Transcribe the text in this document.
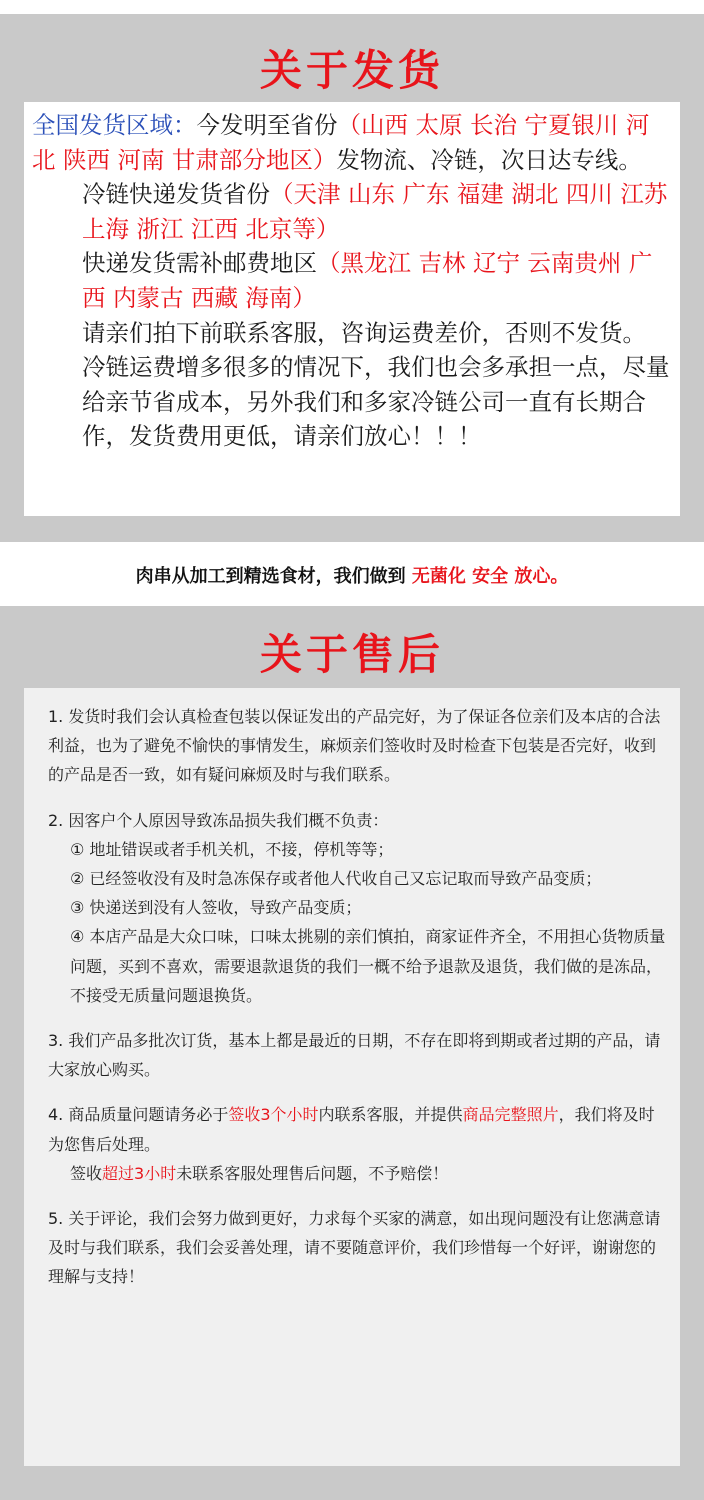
关于发货

全国发货区域：今发明至省份（山西 太原 长治 宁夏银川 河北 陕西 河南 甘肃部分地区）发物流、冷链，次日达专线。

冷链快递发货省份（天津 山东 广东 福建 湖北 四川 江苏 上海 浙江 江西 北京等）

快递发货需补邮费地区（黑龙江 吉林 辽宁 云南贵州 广西 内蒙古 西藏 海南）

请亲们拍下前联系客服，咨询运费差价，否则不发货。

冷链运费增多很多的情况下，我们也会多承担一点，尽量给亲节省成本，另外我们和多家冷链公司一直有长期合作，发货费用更低，请亲们放心！！！

肉串从加工到精选食材，我们做到 无菌化 安全 放心。
关于售后
1. 发货时我们会认真检查包装以保证发出的产品完好，为了保证各位亲们及本店的合法利益，也为了避免不愉快的事情发生，麻烦亲们签收时及时检查下包装是否完好，收到的产品是否一致，如有疑问麻烦及时与我们联系。
2. 因客户个人原因导致冻品损失我们概不负责：
① 地址错误或者手机关机，不接，停机等等；
② 已经签收没有及时急冻保存或者他人代收自己又忘记取而导致产品变质；
③ 快递送到没有人签收，导致产品变质；
④ 本店产品是大众口味，口味太挑剔的亲们慎拍，商家证件齐全，不用担心货物质量问题，买到不喜欢，需要退款退货的我们一概不给予退款及退货，我们做的是冻品，不接受无质量问题退换货。
3. 我们产品多批次订货，基本上都是最近的日期，不存在即将到期或者过期的产品，请大家放心购买。
4. 商品质量问题请务必于签收3个小时内联系客服，并提供商品完整照片，我们将及时为您售后处理。
签收超过3小时未联系客服处理售后问题，不予赔偿！
5. 关于评论，我们会努力做到更好，力求每个买家的满意，如出现问题没有让您满意请及时与我们联系，我们会妥善处理，请不要随意评价，我们珍惜每一个好评，谢谢您的理解与支持！
